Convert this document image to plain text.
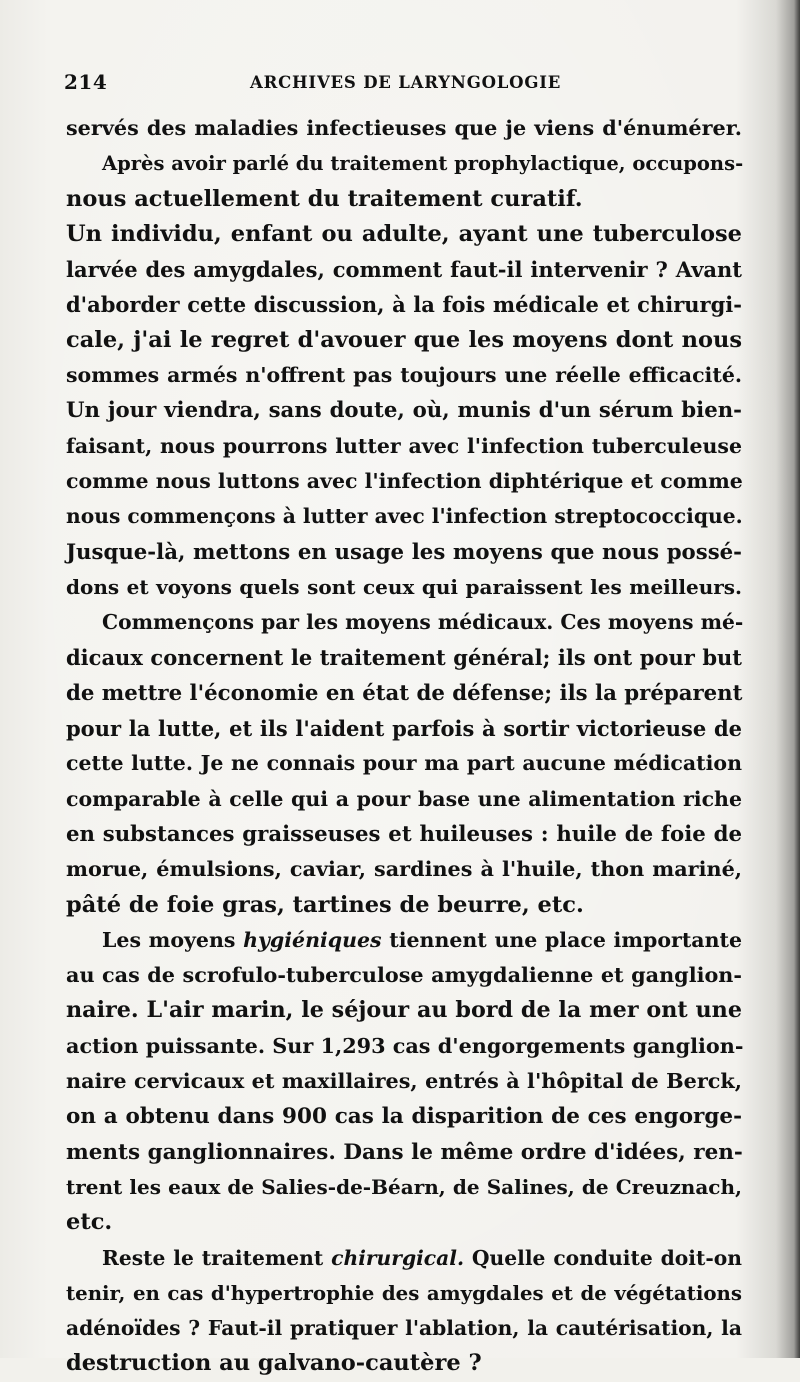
214	ARCHIVES DE LARYNGOLOGIE
servés des maladies infectieuses que je viens d'énumérer.
Après avoir parlé du traitement prophylactique, occupons-
nous actuellement du traitement curatif.
Un individu, enfant ou adulte, ayant une tuberculose
larvée des amygdales, comment faut-il intervenir ? Avant
d'aborder cette discussion, à la fois médicale et chirurgi-
cale, j'ai le regret d'avouer que les moyens dont nous
sommes armés n'offrent pas toujours une réelle efficacité.
Un jour viendra, sans doute, où, munis d'un sérum bien-
faisant, nous pourrons lutter avec l'infection tuberculeuse
comme nous luttons avec l'infection diphtérique et comme
nous commençons à lutter avec l'infection streptococcique.
Jusque-là, mettons en usage les moyens que nous possé-
dons et voyons quels sont ceux qui paraissent les meilleurs.
Commençons par les moyens médicaux. Ces moyens mé-
dicaux concernent le traitement général; ils ont pour but
de mettre l'économie en état de défense; ils la préparent
pour la lutte, et ils l'aident parfois à sortir victorieuse de
cette lutte. Je ne connais pour ma part aucune médication
comparable à celle qui a pour base une alimentation riche
en substances graisseuses et huileuses : huile de foie de
morue, émulsions, caviar, sardines à l'huile, thon mariné,
pâté de foie gras, tartines de beurre, etc.
Les moyens hygiéniques tiennent une place importante
au cas de scrofulo-tuberculose amygdalienne et ganglion-
naire. L'air marin, le séjour au bord de la mer ont une
action puissante. Sur 1,293 cas d'engorgements ganglion-
naire cervicaux et maxillaires, entrés à l'hôpital de Berck,
on a obtenu dans 900 cas la disparition de ces engorge-
ments ganglionnaires. Dans le même ordre d'idées, ren-
trent les eaux de Salies-de-Béarn, de Salines, de Creuznach,
etc.
Reste le traitement chirurgical. Quelle conduite doit-on
tenir, en cas d'hypertrophie des amygdales et de végétations
adénoïdes ? Faut-il pratiquer l'ablation, la cautérisation, la
destruction au galvano-cautère ?
